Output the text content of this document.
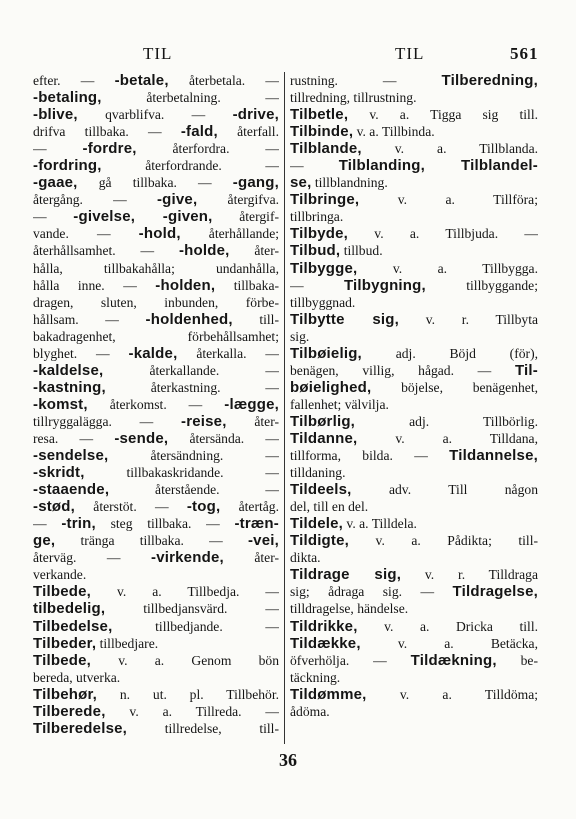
TIL	TIL	561
efter. — -betale, återbetala. —
-betaling, återbetalning. —
-blive, qvarblifva. — -drive,
drifva tillbaka. — -fald, återfall.
— -fordre, återfordra. —
-fordring, återfordrande. —
-gaae, gå tillbaka. — -gang,
återgång. — -give, återgifva.
— -givelse, -given, återgif-
vande. — -hold, återhållande;
återhållsamhet. — -holde, åter-
hålla, tillbakahålla; undanhålla,
hålla inne. — -holden, tillbaka-
dragen, sluten, inbunden, förbe-
hållsam. — -holdenhed, till-
bakadragenhet, förbehållsamhet;
blyghet. — -kalde, återkalla. —
-kaldelse, återkallande. —
-kastning, återkastning. —
-komst, återkomst. — -lægge,
tillryggalägga. — -reise, åter-
resa. — -sende, återsända. —
-sendelse, återsändning. —
-skridt, tillbakaskridande. —
-staaende, återstående. —
-stød, återstöt. — -tog, återtåg.
— -trin, steg tillbaka. — -træn-
ge, tränga tillbaka. — -vei,
återväg. — -virkende, åter-
verkande.
Tilbede, v. a. Tillbedja. —
tilbedelig, tillbedjansvärd. —
Tilbedelse, tillbedjande. —
Tilbeder, tillbedjare.
Tilbede, v. a. Genom bön
bereda, utverka.
Tilbehør, n. ut. pl. Tillbehör.
Tilberede, v. a. Tillreda. —
Tilberedelse, tillredelse, till-
rustning. — Tilberedning,
tillredning, tillrustning.
Tilbetle, v. a. Tigga sig till.
Tilbinde, v. a. Tillbinda.
Tilblande, v. a. Tillblanda.
— Tilblanding, Tilblandel-
se, tillblandning.
Tilbringe, v. a. Tillföra;
tillbringa.
Tilbyde, v. a. Tillbjuda. —
Tilbud, tillbud.
Tilbygge, v. a. Tillbygga.
— Tilbygning, tillbyggande;
tillbyggnad.
Tilbytte sig, v. r. Tillbyta
sig.
Tilbøielig, adj. Böjd (för),
benägen, villig, hågad. — Til-
bøielighed, böjelse, benägenhet,
fallenhet; välvilja.
Tilbørlig, adj. Tillbörlig.
Tildanne, v. a. Tilldana,
tillforma, bilda. — Tildannelse,
tilldaning.
Tildeels, adv. Till någon
del, till en del.
Tildele, v. a. Tilldela.
Tildigte, v. a. Pådikta; till-
dikta.
Tildrage sig, v. r. Tilldraga
sig; ådraga sig. — Tildragelse,
tilldragelse, händelse.
Tildrikke, v. a. Dricka till.
Tildække, v. a. Betäcka,
öfverhölja. — Tildækning, be-
täckning.
Tildømme, v. a. Tilldöma;
ådöma.
36
